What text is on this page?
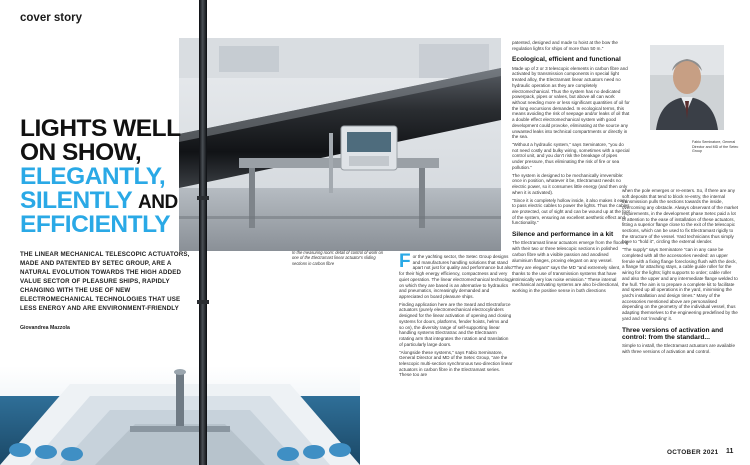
cover story
Fabio Seminatore, General Director and MD of the Setec Group
LIGHTS WELL
ON SHOW,
ELEGANTLY,
SILENTLY AND
EFFICIENTLY
THE LINEAR MECHANICAL TELESCOPIC ACTUATORS, MADE AND PATENTED BY SETEC GROUP, ARE A NATURAL EVOLUTION TOWARDS THE HIGH ADDED VALUE SECTOR OF PLEASURE SHIPS, RAPIDLY CHANGING WITH THE USE OF NEW ELECTROMECHANICAL TECHNOLOGIES THAT USE LESS ENERGY AND ARE ENVIRONMENT-FRIENDLY
Giovandrea Mazzola
In the measuring room: detail of control of work on one of the Electramast linear actuator's sliding sections in carbon fibre	For the yachting sector, the Setec Group designs and manufactures handling solutions that stand apart not just for quality and performance but also for their high energy efficiency, compactness and very quiet operation. The linear electromechanical technology on which they are based is an alternative to hydraulics and pneumatics, increasingly demanded and appreciated on board pleasure ships.

Finding application here are the Seard and Electraforce actuators (purely electromechanical electrocylinders designed for the linear activation of opening and closing systems for doors, platforms, fender hoists, helms and so on), the diversity range of self-supporting linear handling systems Electratrac and the Electraarm rotating arm that integrates the rotation and translation of particularly large doors.

"Alongside these systems," says Fabio Seminatore, General Director and MD of the Setec Group, "are the telescopic multi-section synchronous two-direction linear actuators in carbon fibre in the Electramast series. These too are

patented, designed and made to hoist at the bow the regulation lights for ships of more than 50 m."

Ecological, efficient and functional

Made up of 2 or 3 telescopic elements in carbon fibre and activated by transmission components in special light treated alloy, the Electramast linear actuators need no hydraulic operation as they are completely electromechanical. Thus the system has no dedicated powerpack, pipes or valves, but above all can work without needing more or less significant quantities of oil for the long excursions demanded. In ecological terms, this means avoiding the risk of seepage and/or leaks of oil that a double effect electromechanical system with good development could provoke, eliminating at the source any unwanted leaks into technical compartments or directly in the sea.

"Without a hydraulic system," says Seminatore, "you do not need costly and bulky wiring, sometimes with a special control unit, and you don't risk the breakage of pipes under pressure, thus eliminating the risk of fire or sea pollution."

The system is designed to be mechanically irreversible: once in position, whatever it be, Electramast needs no electric power, so it consumes little energy (and then only when it is activated).

"Since it is completely hollow inside, it also makes it easy to pass electric cables to power the lights. Thus the cables are protected, out of sight and can be wound up at the foot of the system, ensuring an excellent aesthetic effect and functionality."

Silence and performance in a kit

The Electramast linear actuators emerge from the flooring with their two or three telescopic sections in polished carbon fibre with a visible passion and anodised aluminium flanges, proving elegant on any vessel.

"They are elegant" says the MD "and extremely silent, thanks to the use of transmission systems that have intrinsically very low noise emission." These internal mechanical activating systems are also bi-directional, working in the positive sense in both directions

when the pole emerges or re-enters. So, if there are any soft deposits that tend to block re-entry, the internal transmission pulls the sections towards the inside, overcoming any obstacle. Always observant of the market requirements, in the development phase Setec paid a lot of attention to the ease of installation of these actuators, fitting a superior flange close to the exit of the telescopic sections, which can be used to fix Electramast rigidly to the structure of the vessel. Yard technicians thus simply have to "hold it", circling the external slender.

"The supply" says Seminatore "can in any case be completed with all the accessories needed: an upper ferrule with a fixing flange foreclosing flush with the deck, a flange for attaching stays, a cable guide roller for the wiring for the lights; light supports to order; cable roller and also the upper and any intermediate flange welded to the hull. The aim is to prepare a complete kit to facilitate and speed up all operations in the yard, minimising the yard's installation and design times." Many of the accessories mentioned above are personalised depending on the geometry of the individual vessel, thus adapting themselves to the engineering predefined by the yard and not 'invading' it.

Three versions of activation and control: from the standard...

Simple to install, the Electramast actuators are available with three versions of activation and control.

OCTOBER 2021 11
